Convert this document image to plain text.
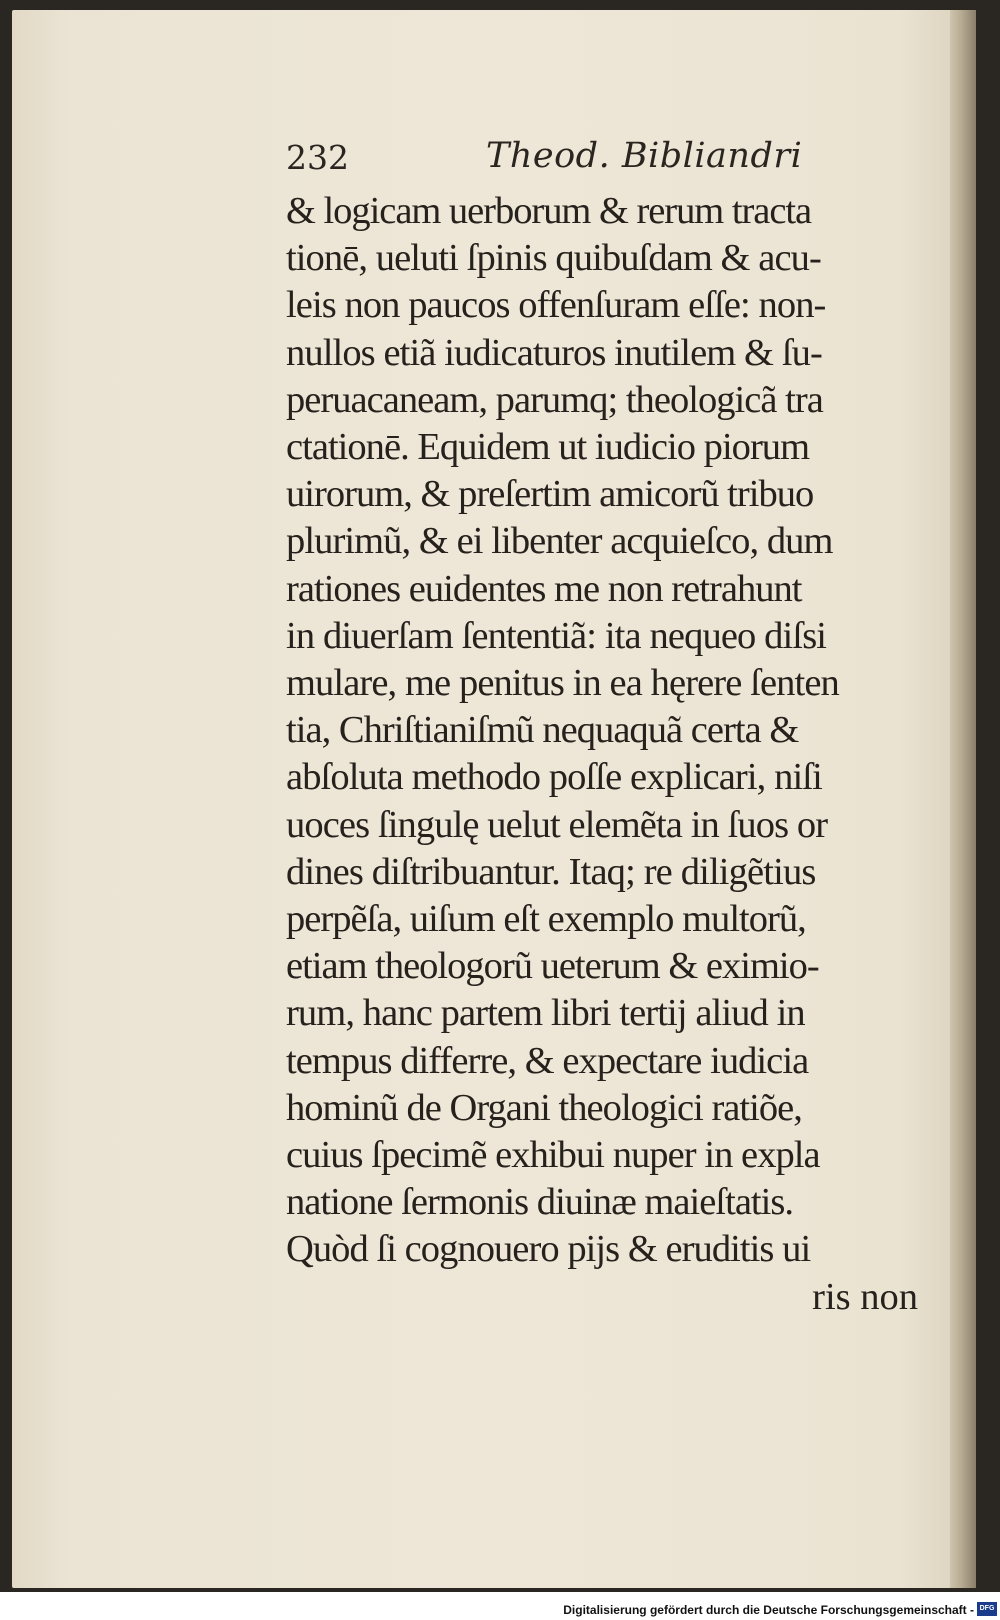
232	Theod. Bibliandri
& logicam uerborum & rerum tracta
tionē, ueluti ſpinis quibuſdam & acu-
leis non paucos offenſuram eſſe: non-
nullos etiã iudicaturos inutilem & ſu-
peruacaneam, parumq; theologicã tra
ctationē. Equidem ut iudicio piorum
uirorum, & preſertim amicorũ tribuo
plurimũ, & ei libenter acquieſco, dum
rationes euidentes me non retrahunt
in diuerſam ſententiã: ita nequeo diſsi
mulare, me penitus in ea hęrere ſenten
tia, Chriſtianiſmũ nequaquã certa &
abſoluta methodo poſſe explicari, niſi
uoces ſingulę uelut elemẽta in ſuos or
dines diſtribuantur. Itaq; re diligẽtius
perpẽſa, uiſum eſt exemplo multorũ,
etiam theologorũ ueterum & eximio-
rum, hanc partem libri tertij aliud in
tempus differre, & expectare iudicia
hominũ de Organi theologici ratiõe,
cuius ſpecimẽ exhibui nuper in expla
natione ſermonis diuinæ maieſtatis.
Quòd ſi cognouero pijs & eruditis ui
ris non
Digitalisierung gefördert durch die Deutsche Forschungsgemeinschaft - DFG
